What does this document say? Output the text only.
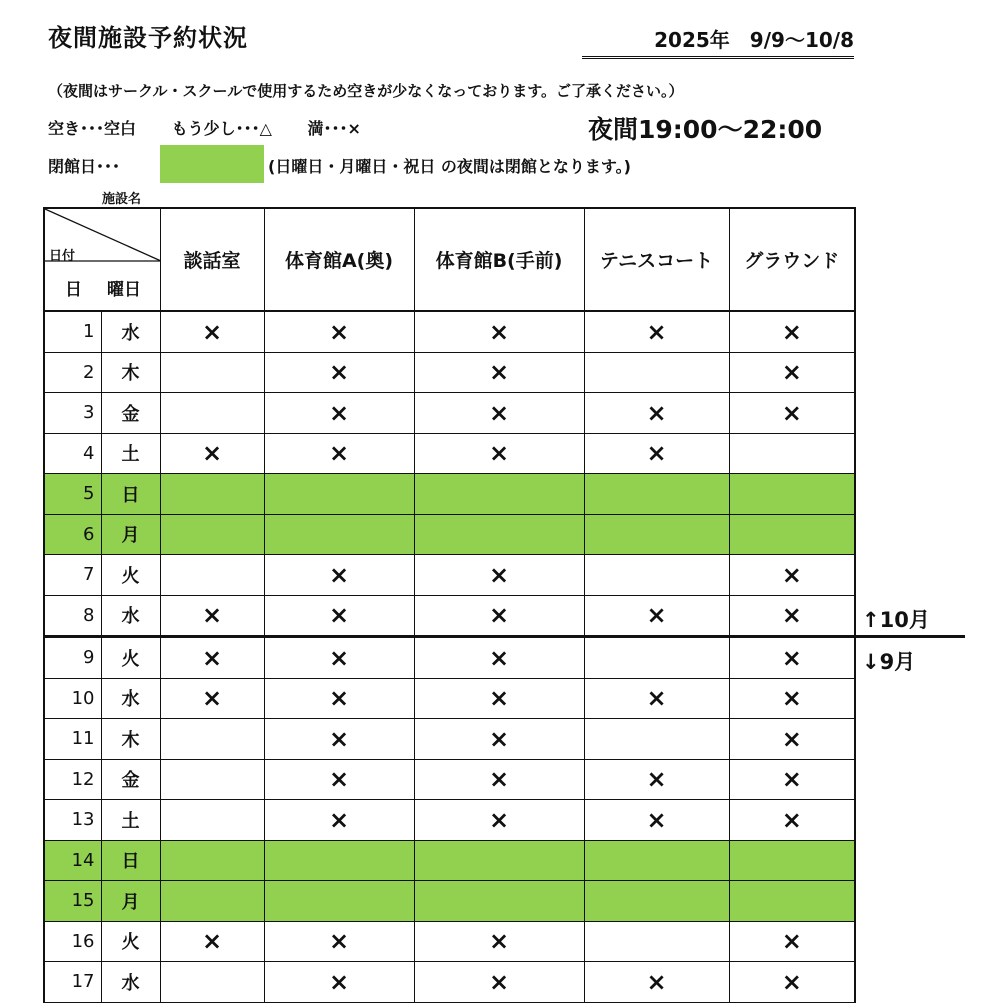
夜間施設予約状況	2025年　9/9〜10/8
（夜間はサークル・スクールで使用するため空きが少なくなっております。ご了承ください。）
空き･･･空白 もう少し･･･△ 満･･･×	夜間19:00〜22:00
閉館日･･･	(日曜日・月曜日・祝日 の夜間は閉館となります。)
施設名
日付
日 曜日		談話室	体育館A(奥)	体育館B(手前)	テニスコート	グラウンド
1	水	×	×	×	×	×
2	木		×	×		×
3	金		×	×	×	×
4	土	×	×	×	×	
5	日					
6	月					
7	火		×	×		×
8	水	×	×	×	×	×
9	火	×	×	×		×
10	水	×	×	×	×	×
11	木		×	×		×
12	金		×	×	×	×
13	土		×	×	×	×
14	日					
15	月					
16	火	×	×	×		×
17	水		×	×	×	×
↑10月
↓9月
